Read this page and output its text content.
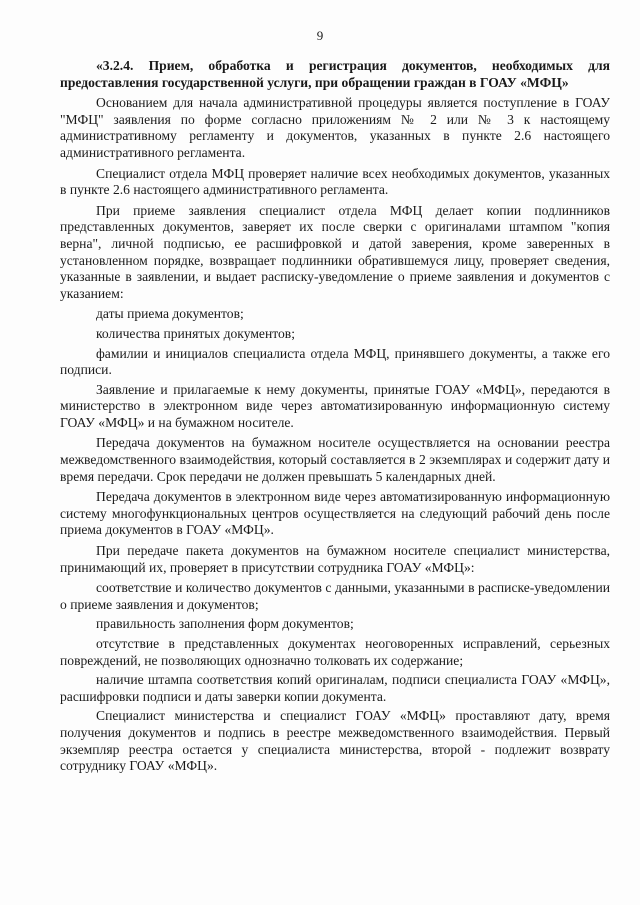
9

«3.2.4. Прием, обработка и регистрация документов, необходимых для предоставления государственной услуги, при обращении граждан в ГОАУ «МФЦ»

Основанием для начала административной процедуры является поступление в ГОАУ "МФЦ" заявления по форме согласно приложениям № 2 или № 3 к настоящему административному регламенту и документов, указанных в пункте 2.6 настоящего административного регламента.

Специалист отдела МФЦ проверяет наличие всех необходимых документов, указанных в пункте 2.6 настоящего административного регламента.

При приеме заявления специалист отдела МФЦ делает копии подлинников представленных документов, заверяет их после сверки с оригиналами штампом "копия верна", личной подписью, ее расшифровкой и датой заверения, кроме заверенных в установленном порядке, возвращает подлинники обратившемуся лицу, проверяет сведения, указанные в заявлении, и выдает расписку-уведомление о приеме заявления и документов с указанием:

даты приема документов;

количества принятых документов;

фамилии и инициалов специалиста отдела МФЦ, принявшего документы, а также его подписи.

Заявление и прилагаемые к нему документы, принятые ГОАУ «МФЦ», передаются в министерство в электронном виде через автоматизированную информационную систему ГОАУ «МФЦ» и на бумажном носителе.

Передача документов на бумажном носителе осуществляется на основании реестра межведомственного взаимодействия, который составляется в 2 экземплярах и содержит дату и время передачи. Срок передачи не должен превышать 5 календарных дней.

Передача документов в электронном виде через автоматизированную информационную систему многофункциональных центров осуществляется на следующий рабочий день после приема документов в ГОАУ «МФЦ».

При передаче пакета документов на бумажном носителе специалист министерства, принимающий их, проверяет в присутствии сотрудника ГОАУ «МФЦ»:

соответствие и количество документов с данными, указанными в расписке-уведомлении о приеме заявления и документов;

правильность заполнения форм документов;

отсутствие в представленных документах неоговоренных исправлений, серьезных повреждений, не позволяющих однозначно толковать их содержание;

наличие штампа соответствия копий оригиналам, подписи специалиста ГОАУ «МФЦ», расшифровки подписи и даты заверки копии документа.

Специалист министерства и специалист ГОАУ «МФЦ» проставляют дату, время получения документов и подпись в реестре межведомственного взаимодействия. Первый экземпляр реестра остается у специалиста министерства, второй - подлежит возврату сотруднику ГОАУ «МФЦ».
